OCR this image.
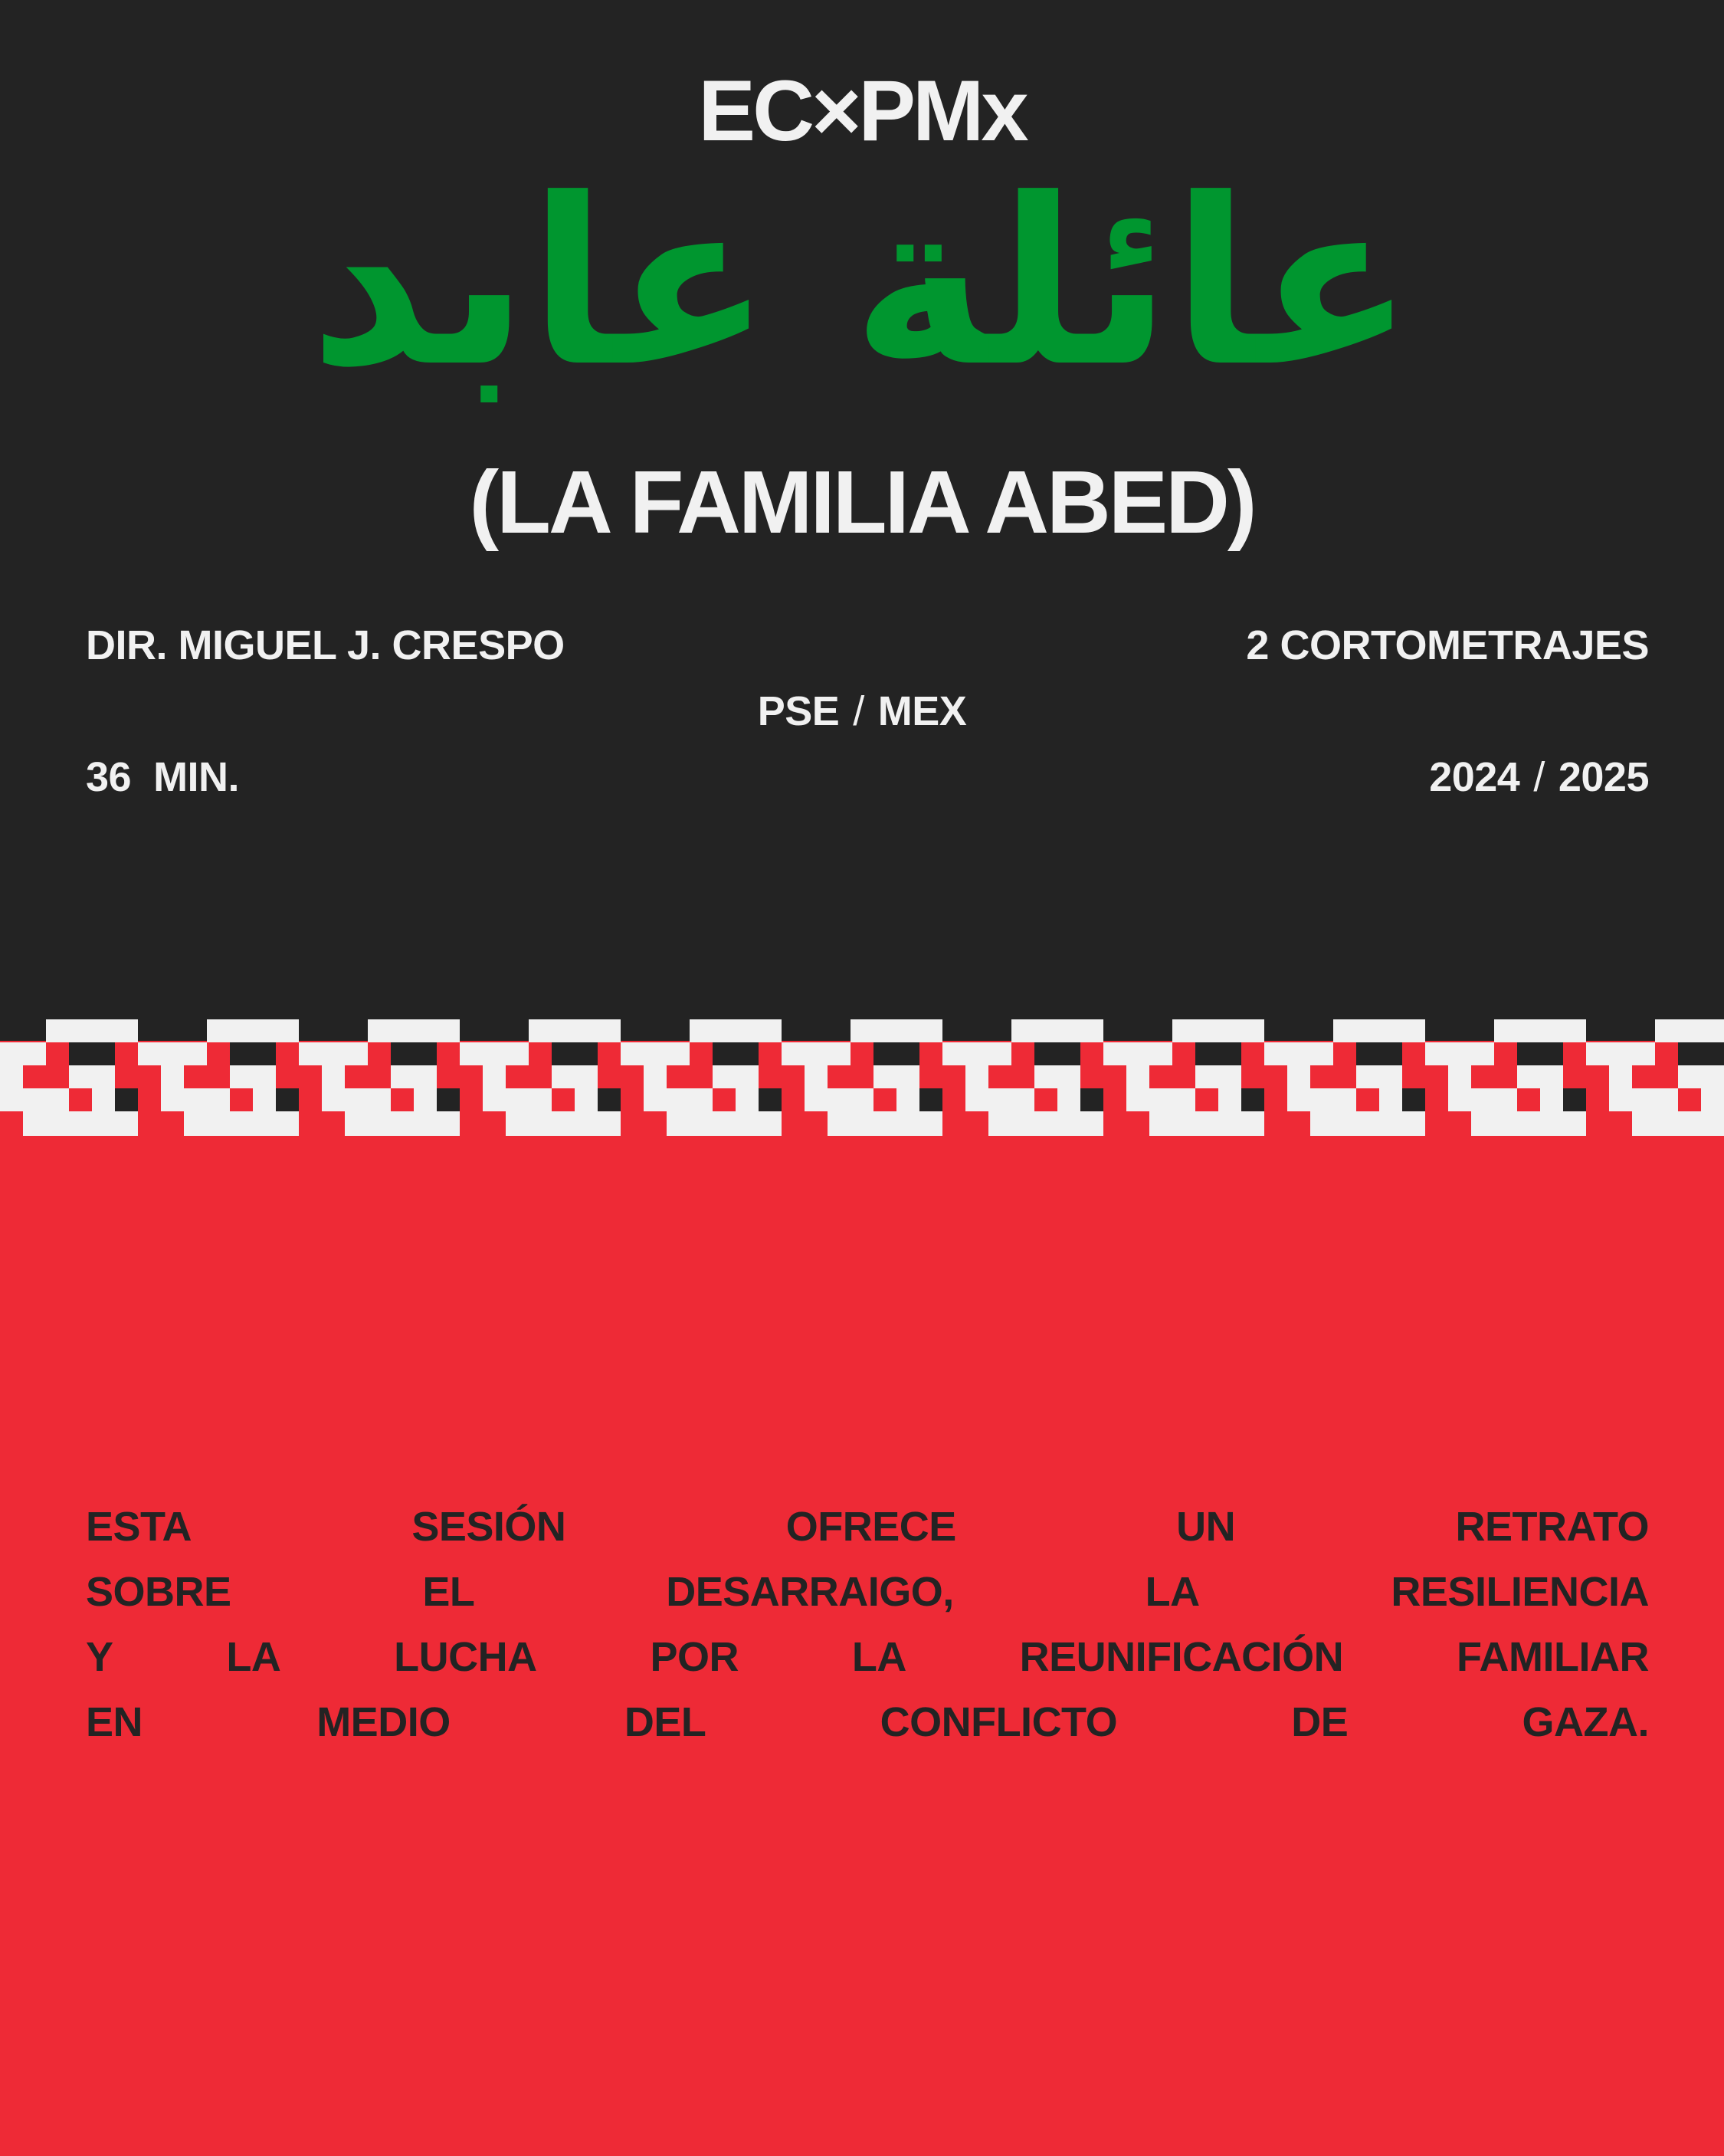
EC×PMx
عائلة عابد
(LA FAMILIA ABED)
DIR. MIGUEL J. CRESPO	2 CORTOMETRAJES
PSE / MEX
36  MIN.	2024 / 2025
ESTA	SESIÓN	OFRECE	UN	RETRATO
SOBRE	EL	DESARRAIGO,	LA	RESILIENCIA
Y	LA	LUCHA	POR	LA	REUNIFICACIÓN	FAMILIAR
EN	MEDIO	DEL	CONFLICTO	DE	GAZA.
